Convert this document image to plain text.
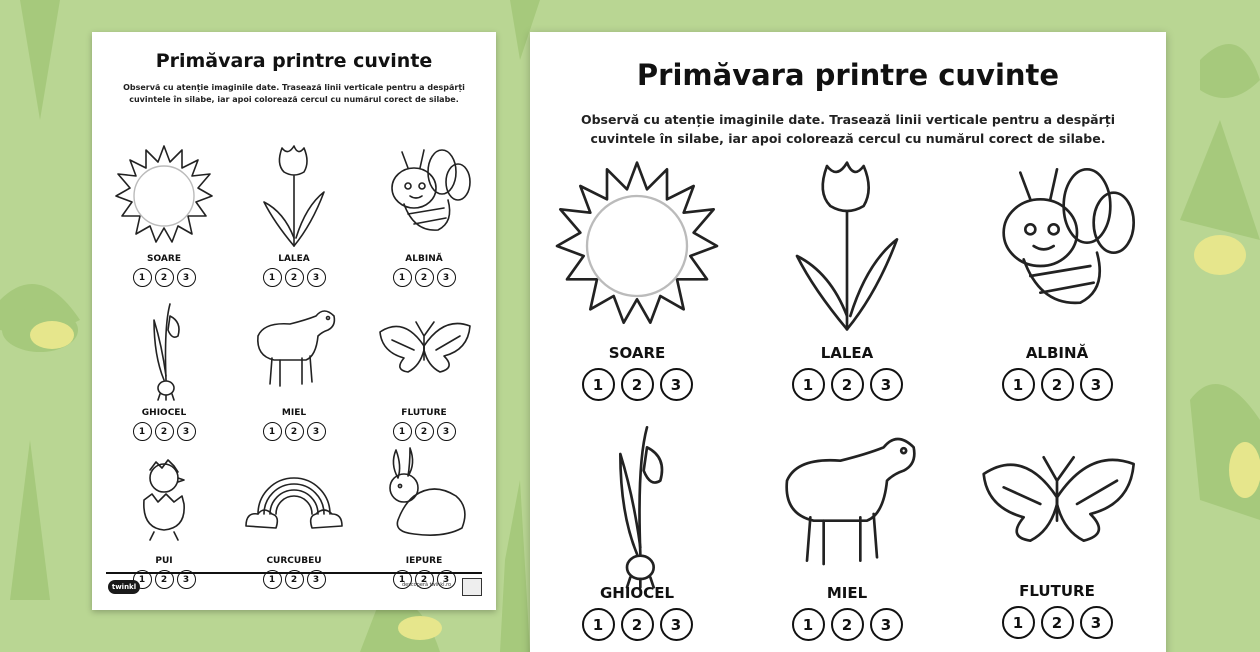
Primăvara printre cuvinte
Observă cu atenție imaginile date. Trasează linii verticale pentru a despărți cuvintele în silabe, iar apoi colorează cercul cu numărul corect de silabe.
SOARE
1	2	3
LALEA
1	2	3
ALBINĂ
1	2	3
GHIOCEL
1	2	3
MIEL
1	2	3
FLUTURE
1	2	3
PUI
1	2	3
CURCUBEU
1	2	3
IEPURE
1	2	3
twinkl	descoperă twinkl.ro
Primăvara printre cuvinte
Observă cu atenție imaginile date. Trasează linii verticale pentru a despărți cuvintele în silabe, iar apoi colorează cercul cu numărul corect de silabe.
SOARE
1	2	3
LALEA
1	2	3
ALBINĂ
1	2	3
GHIOCEL
1	2	3
MIEL
1	2	3
FLUTURE
1	2	3
